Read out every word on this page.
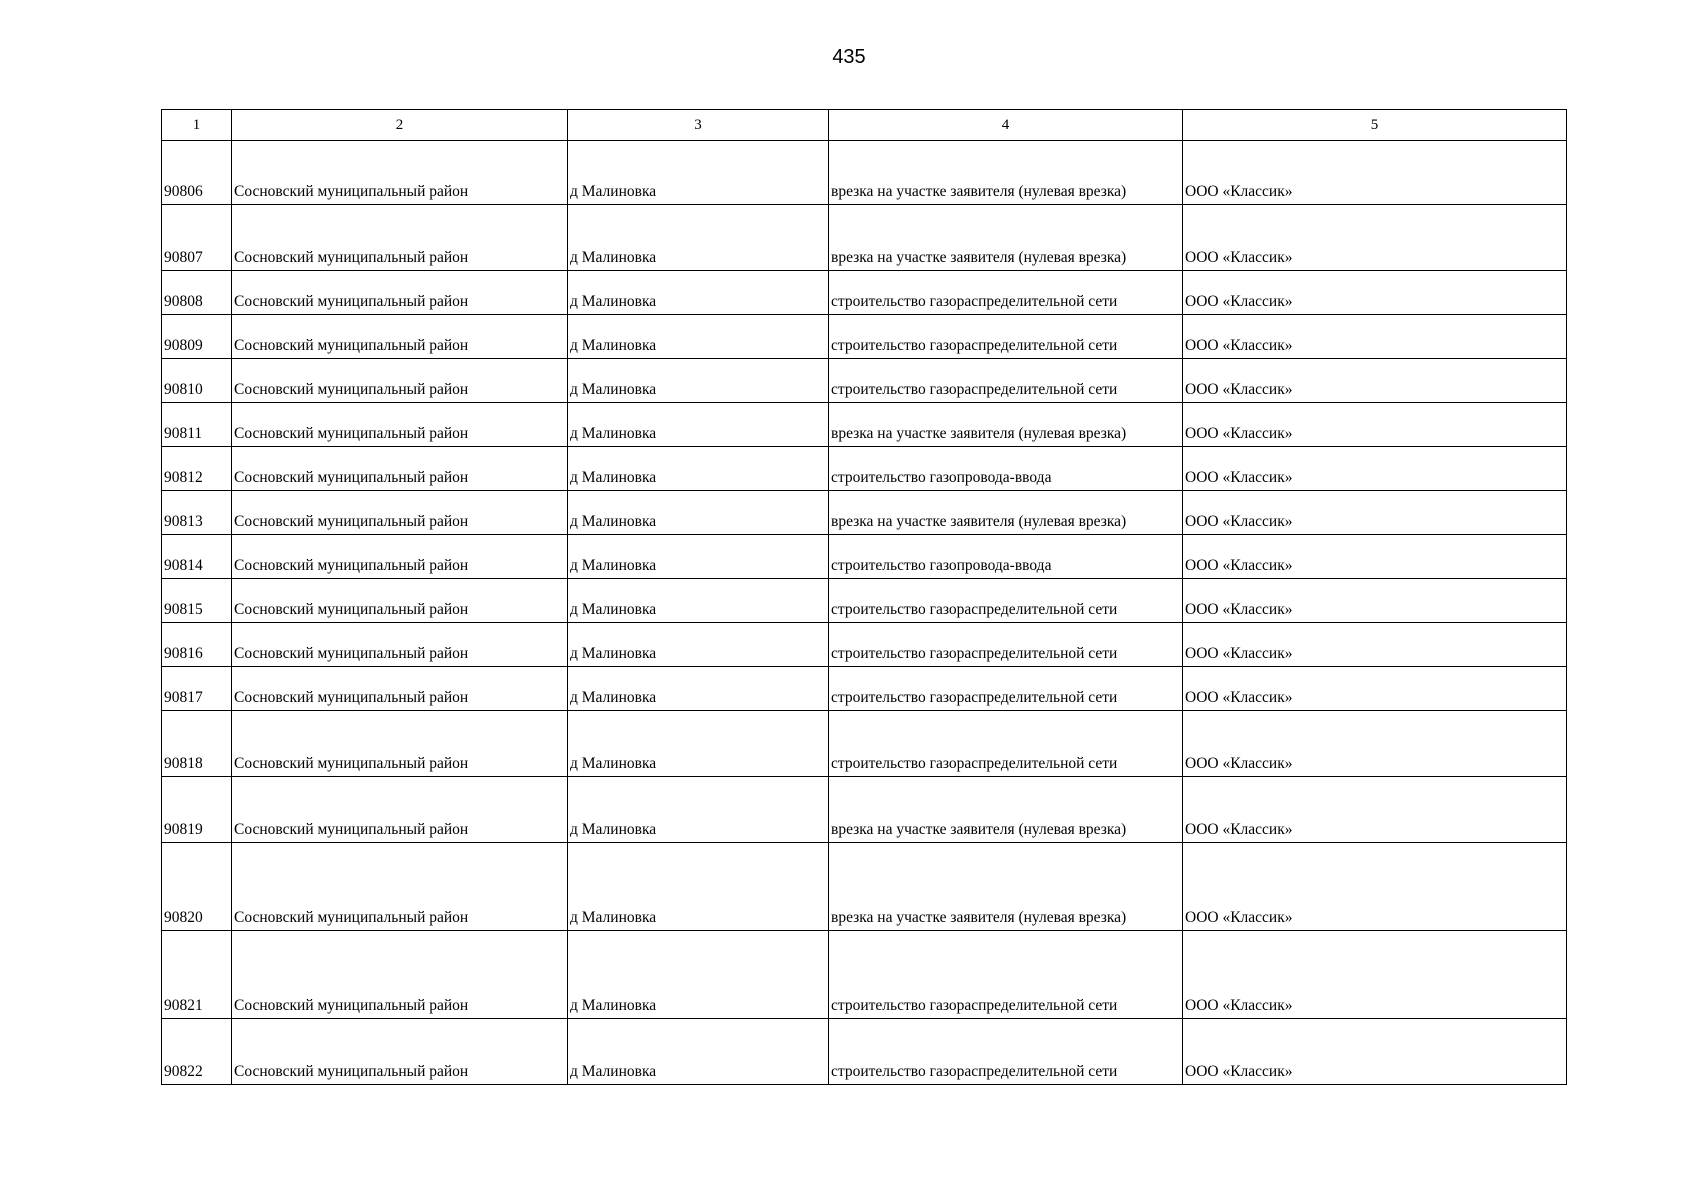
435
1	2	3	4	5
90806	Сосновский муниципальный район	д Малиновка	врезка на участке заявителя (нулевая врезка)	ООО «Классик»
90807	Сосновский муниципальный район	д Малиновка	врезка на участке заявителя (нулевая врезка)	ООО «Классик»
90808	Сосновский муниципальный район	д Малиновка	строительство газораспределительной сети	ООО «Классик»
90809	Сосновский муниципальный район	д Малиновка	строительство газораспределительной сети	ООО «Классик»
90810	Сосновский муниципальный район	д Малиновка	строительство газораспределительной сети	ООО «Классик»
90811	Сосновский муниципальный район	д Малиновка	врезка на участке заявителя (нулевая врезка)	ООО «Классик»
90812	Сосновский муниципальный район	д Малиновка	строительство газопровода-ввода	ООО «Классик»
90813	Сосновский муниципальный район	д Малиновка	врезка на участке заявителя (нулевая врезка)	ООО «Классик»
90814	Сосновский муниципальный район	д Малиновка	строительство газопровода-ввода	ООО «Классик»
90815	Сосновский муниципальный район	д Малиновка	строительство газораспределительной сети	ООО «Классик»
90816	Сосновский муниципальный район	д Малиновка	строительство газораспределительной сети	ООО «Классик»
90817	Сосновский муниципальный район	д Малиновка	строительство газораспределительной сети	ООО «Классик»
90818	Сосновский муниципальный район	д Малиновка	строительство газораспределительной сети	ООО «Классик»
90819	Сосновский муниципальный район	д Малиновка	врезка на участке заявителя (нулевая врезка)	ООО «Классик»
90820	Сосновский муниципальный район	д Малиновка	врезка на участке заявителя (нулевая врезка)	ООО «Классик»
90821	Сосновский муниципальный район	д Малиновка	строительство газораспределительной сети	ООО «Классик»
90822	Сосновский муниципальный район	д Малиновка	строительство газораспределительной сети	ООО «Классик»
